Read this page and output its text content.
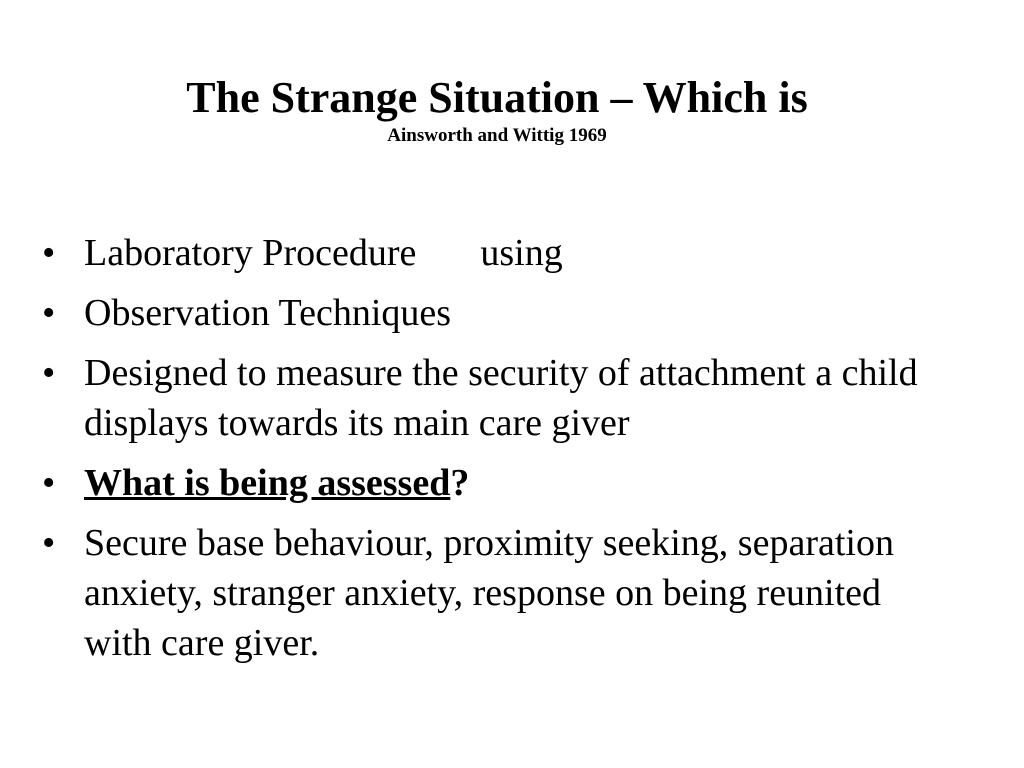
The Strange Situation – Which is

Ainsworth and Wittig 1969

• Laboratory Procedure using
• Observation Techniques
• Designed to measure the security of attachment a child displays towards its main care giver
• What is being assessed?
• Secure base behaviour, proximity seeking, separation anxiety, stranger anxiety, response on being reunited with care giver.
